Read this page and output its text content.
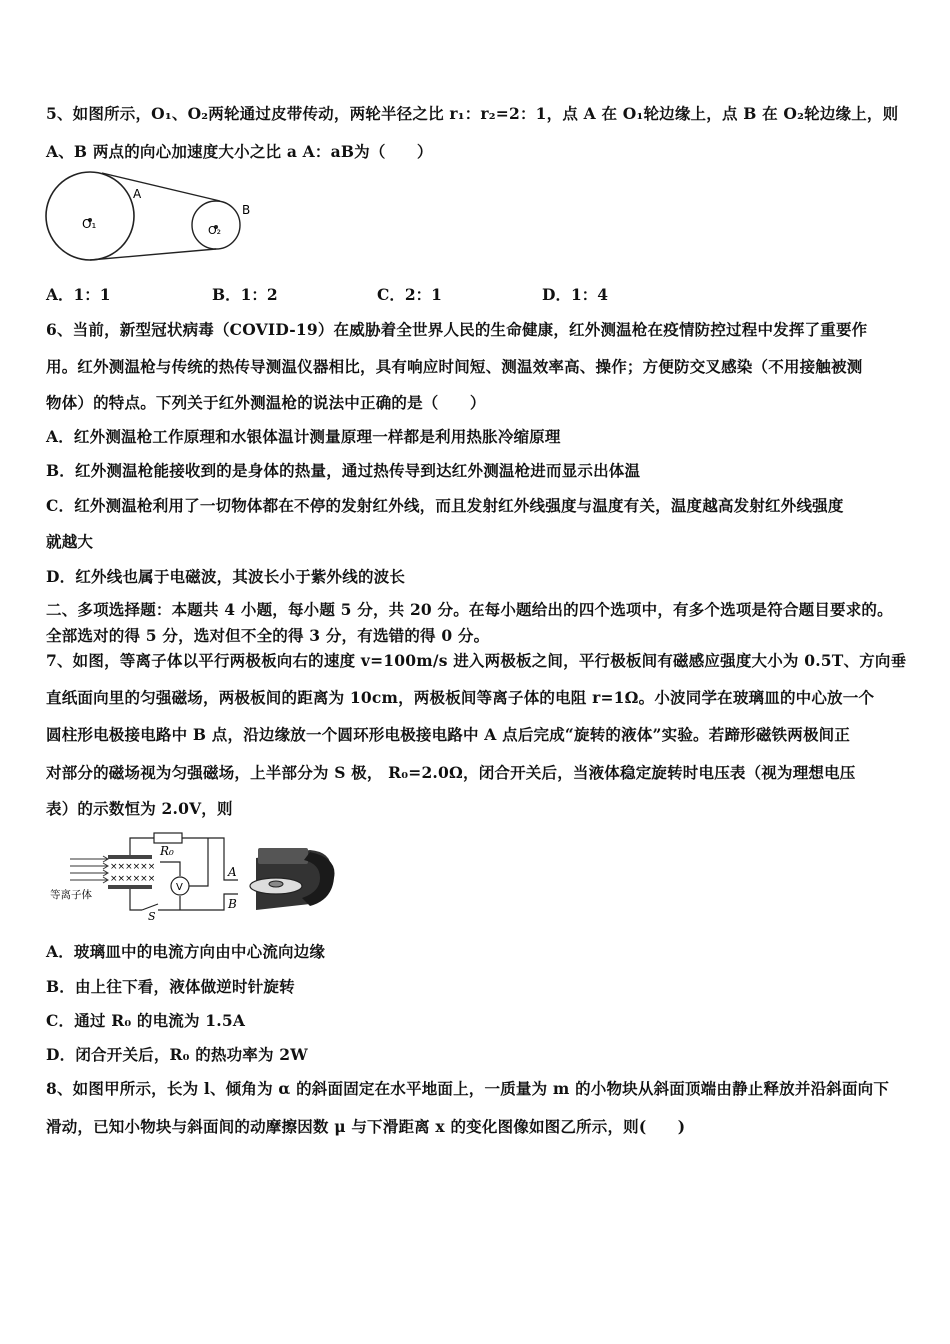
5、如图所示，O₁、O₂两轮通过皮带传动，两轮半径之比 r₁：r₂=2：1，点 A 在 O₁轮边缘上，点 B 在 O₂轮边缘上，则
A、B 两点的向心加速度大小之比 a A：aB为（　　）
O₁	O₂
A
B
A．1：1	B．1：2	C．2：1	D．1：4
6、当前，新型冠状病毒（COVID-19）在威胁着全世界人民的生命健康，红外测温枪在疫情防控过程中发挥了重要作
用。红外测温枪与传统的热传导测温仪器相比，具有响应时间短、测温效率高、操作；方便防交叉感染（不用接触被测
物体）的特点。下列关于红外测温枪的说法中正确的是（　　）
A．红外测温枪工作原理和水银体温计测量原理一样都是利用热胀冷缩原理
B．红外测温枪能接收到的是身体的热量，通过热传导到达红外测温枪进而显示出体温
C．红外测温枪利用了一切物体都在不停的发射红外线，而且发射红外线强度与温度有关，温度越高发射红外线强度
就越大
D．红外线也属于电磁波，其波长小于紫外线的波长
二、多项选择题：本题共 4 小题，每小题 5 分，共 20 分。在每小题给出的四个选项中，有多个选项是符合题目要求的。
全部选对的得 5 分，选对但不全的得 3 分，有选错的得 0 分。
7、如图，等离子体以平行两极板向右的速度 v=100m/s 进入两极板之间，平行极板间有磁感应强度大小为 0.5T、方向垂
直纸面向里的匀强磁场，两极板间的距离为 10cm，两极板间等离子体的电阻 r=1Ω。小波同学在玻璃皿的中心放一个
圆柱形电极接电路中 B 点，沿边缘放一个圆环形电极接电路中 A 点后完成“旋转的液体”实验。若蹄形磁铁两极间正
对部分的磁场视为匀强磁场，上半部分为 S 极， R₀=2.0Ω，闭合开关后，当液体稳定旋转时电压表（视为理想电压
表）的示数恒为 2.0V，则
等离子体
××××××
××××××
V
R₀
A
B
S
A．玻璃皿中的电流方向由中心流向边缘
B．由上往下看，液体做逆时针旋转
C．通过 R₀ 的电流为 1.5A
D．闭合开关后，R₀ 的热功率为 2W
8、如图甲所示，长为 l、倾角为 α 的斜面固定在水平地面上，一质量为 m 的小物块从斜面顶端由静止释放并沿斜面向下
滑动，已知小物块与斜面间的动摩擦因数 μ 与下滑距离 x 的变化图像如图乙所示，则(　　)
